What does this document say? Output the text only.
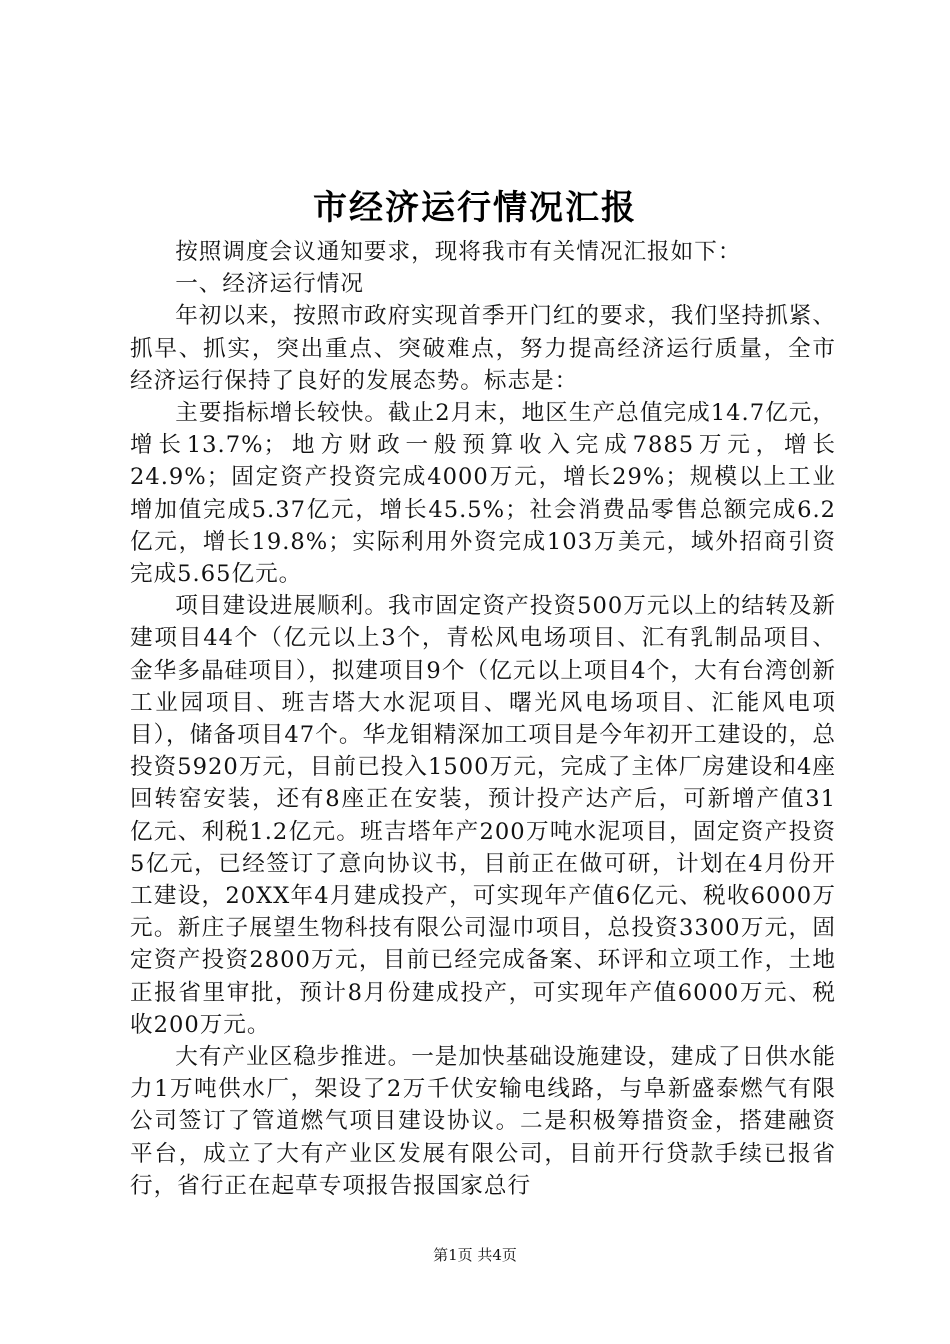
市经济运行情况汇报

按照调度会议通知要求，现将我市有关情况汇报如下：

一、经济运行情况

年初以来，按照市政府实现首季开门红的要求，我们坚持抓紧、抓早、抓实，突出重点、突破难点，努力提高经济运行质量，全市经济运行保持了良好的发展态势。标志是：

主要指标增长较快。截止2月末，地区生产总值完成14.7亿元，增长13.7%；地方财政一般预算收入完成7885万元，增长24.9%；固定资产投资完成4000万元，增长29%；规模以上工业增加值完成5.37亿元，增长45.5%；社会消费品零售总额完成6.2亿元，增长19.8%；实际利用外资完成103万美元，域外招商引资完成5.65亿元。

项目建设进展顺利。我市固定资产投资500万元以上的结转及新建项目44个（亿元以上3个，青松风电场项目、汇有乳制品项目、金华多晶硅项目），拟建项目9个（亿元以上项目4个，大有台湾创新工业园项目、班吉塔大水泥项目、曙光风电场项目、汇能风电项目），储备项目47个。华龙钼精深加工项目是今年初开工建设的，总投资5920万元，目前已投入1500万元，完成了主体厂房建设和4座回转窑安装，还有8座正在安装，预计投产达产后，可新增产值31亿元、利税1.2亿元。班吉塔年产200万吨水泥项目，固定资产投资5亿元，已经签订了意向协议书，目前正在做可研，计划在4月份开工建设，20XX年4月建成投产，可实现年产值6亿元、税收6000万元。新庄子展望生物科技有限公司湿巾项目，总投资3300万元，固定资产投资2800万元，目前已经完成备案、环评和立项工作，土地正报省里审批，预计8月份建成投产，可实现年产值6000万元、税收200万元。

大有产业区稳步推进。一是加快基础设施建设，建成了日供水能力1万吨供水厂，架设了2万千伏安输电线路，与阜新盛泰燃气有限公司签订了管道燃气项目建设协议。二是积极筹措资金，搭建融资平台，成立了大有产业区发展有限公司，目前开行贷款手续已报省行，省行正在起草专项报告报国家总行

第1页 共4页
